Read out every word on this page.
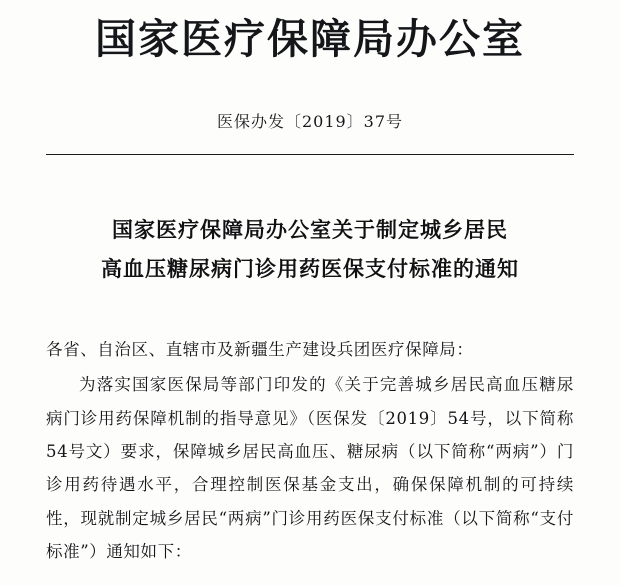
国家医疗保障局办公室
医保办发〔2019〕37号
国家医疗保障局办公室关于制定城乡居民
高血压糖尿病门诊用药医保支付标准的通知
各省、自治区、直辖市及新疆生产建设兵团医疗保障局：
为落实国家医保局等部门印发的《关于完善城乡居民高血压糖尿病门诊用药保障机制的指导意见》（医保发〔2019〕54号，以下简称54号文）要求，保障城乡居民高血压、糖尿病（以下简称“两病”）门诊用药待遇水平，合理控制医保基金支出，确保保障机制的可持续性，现就制定城乡居民“两病”门诊用药医保支付标准（以下简称“支付标准”）通知如下：
